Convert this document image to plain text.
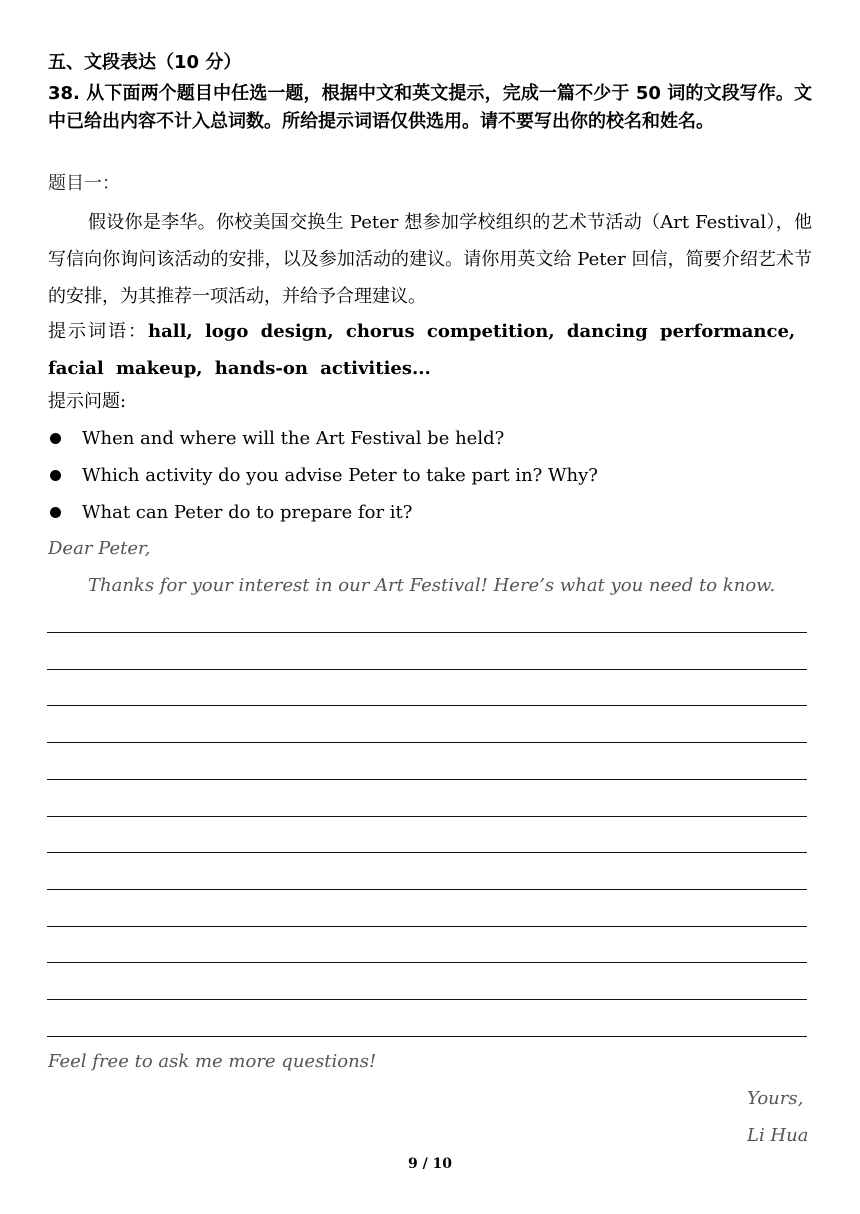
五、文段表达（10 分）
38. 从下面两个题目中任选一题，根据中文和英文提示，完成一篇不少于 50 词的文段写作。文中已给出内容不计入总词数。所给提示词语仅供选用。请不要写出你的校名和姓名。
题目一：
假设你是李华。你校美国交换生 Peter 想参加学校组织的艺术节活动（Art Festival），他写信向你询问该活动的安排，以及参加活动的建议。请你用英文给 Peter 回信，简要介绍艺术节的安排，为其推荐一项活动，并给予合理建议。
提示词语：hall, logo design, chorus competition, dancing performance, facial makeup, hands-on activities...
提示问题:
When and where will the Art Festival be held?
Which activity do you advise Peter to take part in? Why?
What can Peter do to prepare for it?
Dear Peter,
Thanks for your interest in our Art Festival! Here’s what you need to know.
Feel free to ask me more questions!
Yours,
Li Hua
9 / 10
